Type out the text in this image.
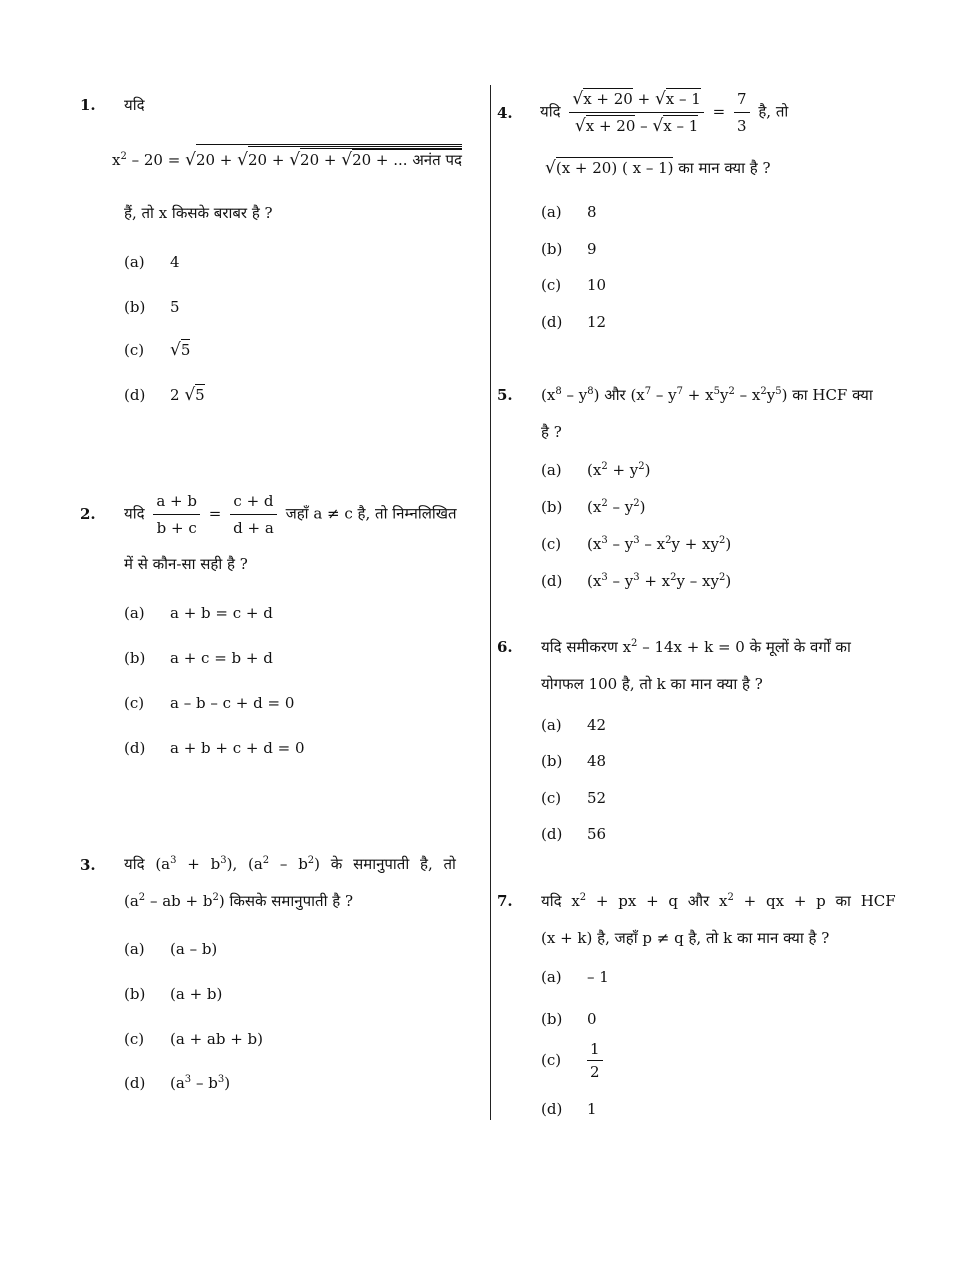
1. यदि
$x^2 - 20 = √20 + √20 + √20 + √20$ + ... अनंत पद
हैं, तो x किसके बराबर है ?
(a) 4
(b) 5
(c) √5
(d) 2 √5
2. यदि $\frac{a + b}{b + c} = \frac{c + d}{d + a}$ जहाँ a ≠ c है, तो निम्नलिखित
में से कौन-सा सही है ?
(a) a + b = c + d
(b) a + c = b + d
(c) a – b – c + d = 0
(d) a + b + c + d = 0
3. यदि $(a^3 + b^3)$, $(a^2 - b^2)$ के समानुपाती है, तो
($a^2$ – ab + $b^2$) किसके समानुपाती है ?
(a) (a – b)
(b) (a + b)
(c) (a + ab + b)
(d) $(a^3 - b^3)$
4. यदि $\frac{√x + 20 + √x - 1}{√x + 20 - √x - 1} = \frac{7}{3}$ है, तो
√(x + 20) ( x – 1) का मान क्या है ?
(a) 8
(b) 9
(c) 10
(d) 12
5. $(x^8 - y^8)$ और $(x^7 - y^7 + x^5y^2 - x^2y^5)$ का HCF क्या
है ?
(a) $(x^2 + y^2)$
(b) $(x^2 - y^2)$
(c) $(x^3 - y^3 - x^2y + xy^2)$
(d) $(x^3 - y^3 + x^2y - xy^2)$
6. यदि समीकरण $x^2 - 14x + k = 0$ के मूलों के वर्गों का
योगफल 100 है, तो k का मान क्या है ?
(a) 42
(b) 48
(c) 52
(d) 56
7. यदि $x^2$ + px + q और $x^2$ + qx + p का HCF
(x + k) है, जहाँ p ≠ q है, तो k का मान क्या है ?
(a) – 1
(b) 0
$(c) \frac{1}{2}$
(d) 1
